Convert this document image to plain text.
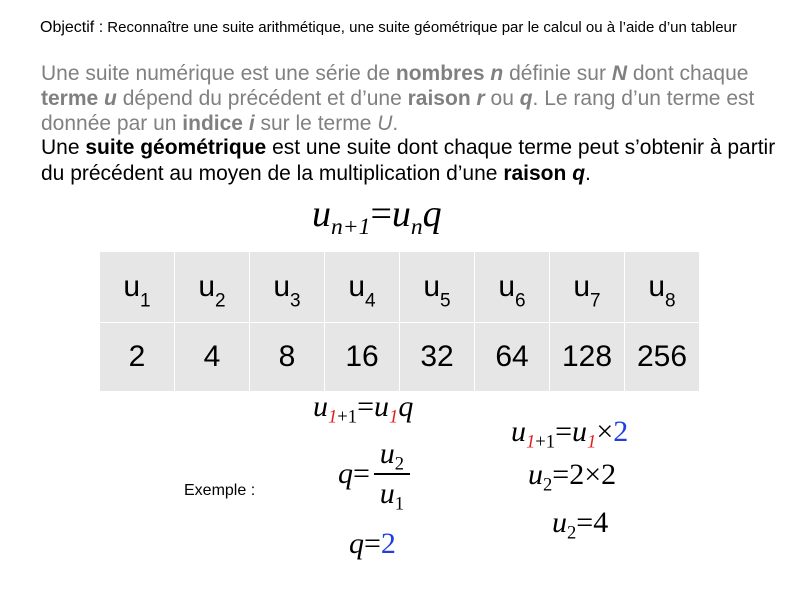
Objectif : Reconnaître une suite arithmétique, une suite géométrique par le calcul ou à l’aide d’un tableur
Une suite numérique est une série de nombres n définie sur N dont chaque terme u dépend du précédent et d’une raison r ou q. Le rang d’un terme est donnée par un indice i sur le terme U.
Une suite géométrique est une suite dont chaque terme peut s’obtenir à partir du précédent au moyen de la multiplication d’une raison q.
$u_{n+1}=u_nq$
$u_1$	$u_2$	$u_3$	$u_4$	$u_5$	$u_6$	$u_7$	$u_8$
2	4	8	16	32	64	128	256
Exemple :
$u_{1+1}=u_1q$
q =
$u_2$
$u_1$
q=2
$u_{1+1}=u_1\times 2$
$u_2=2\times 2$
$u_2=4$
